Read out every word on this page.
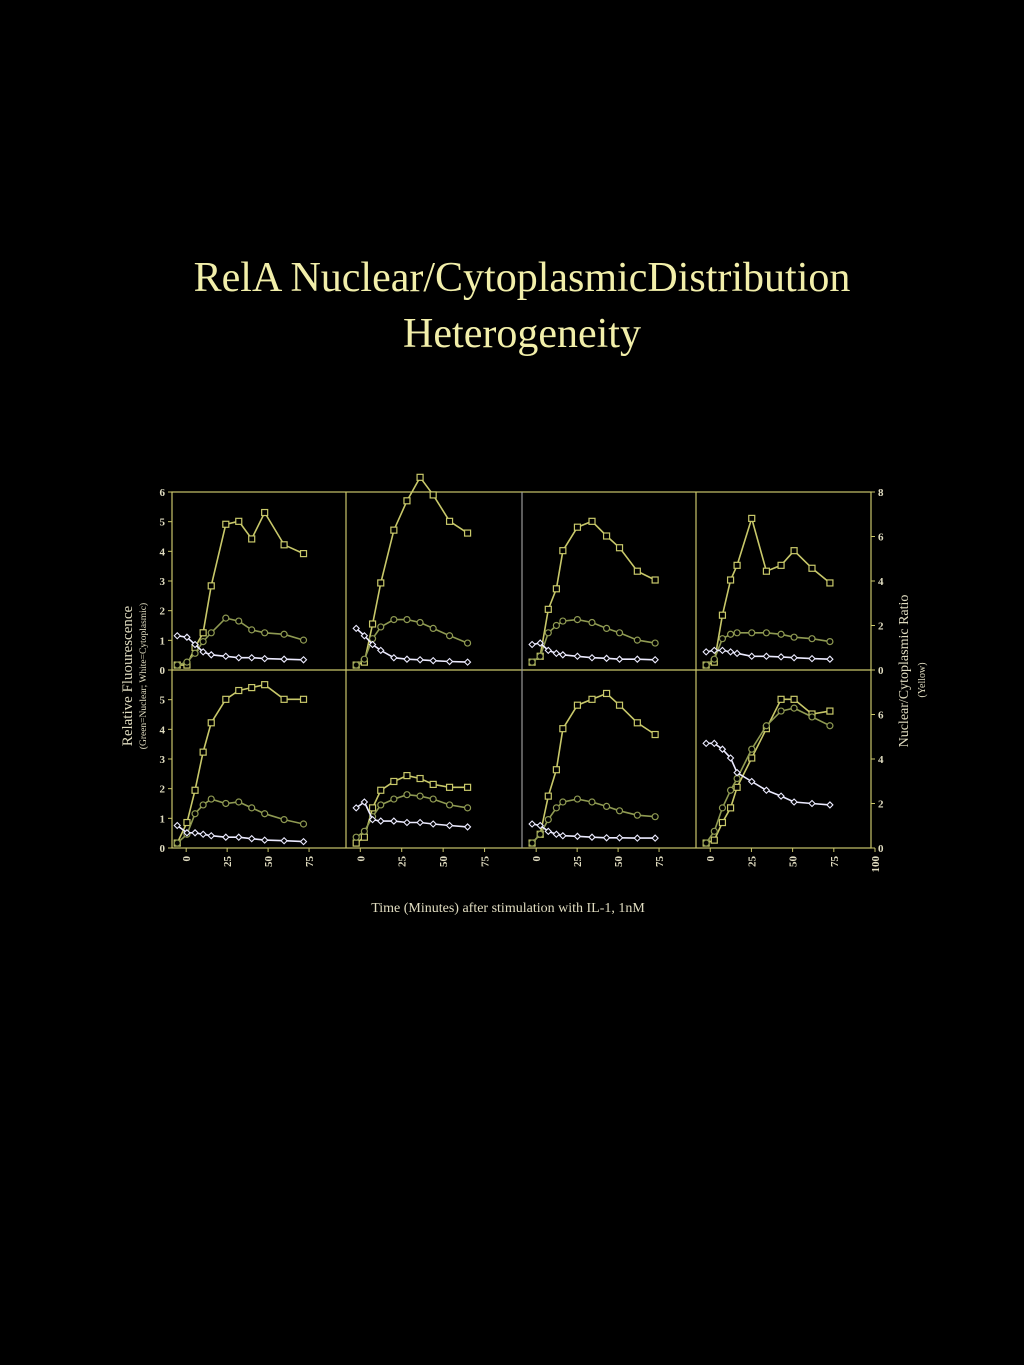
RelA Nuclear/CytoplasmicDistribution
Heterogeneity
0
1
2
3
4
5
6
0
1
2
3
4
5
0
2
4
6
8
0
2
4
6
0	25	50	75	0	25	50	75	0	25	50	75	0	25	50	75	100
Relative Fluourescence (Green=Nuclear; White=Cytoplasmic)	Nuclear/Cytoplasmic Ratio (Yellow)
Time (Minutes) after stimulation with IL-1, 1nM
